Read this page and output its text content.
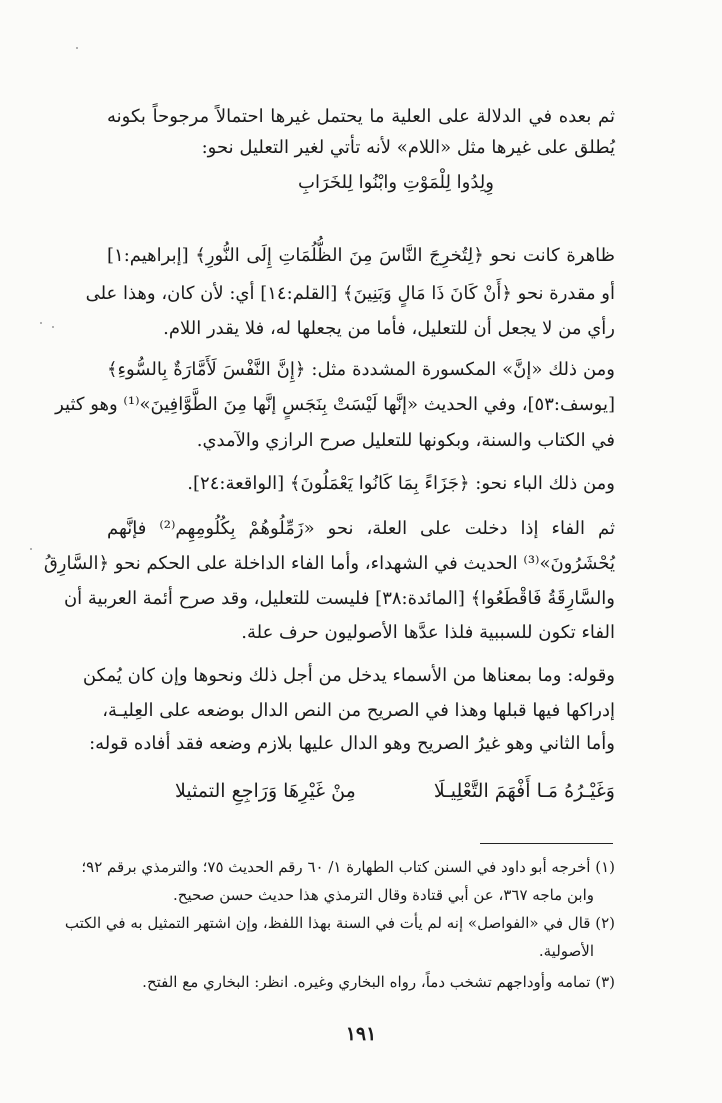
ثم بعده في الدلالة على العلية ما يحتمل غيرها احتمالاً مرجوحاً بكونه
يُطلق على غيرها مثل «اللام» لأنه تأتي لغير التعليل نحو:
وِلِدُوا لِلْمَوْتِ وابْنُوا لِلخَرَابِ
ظاهرة كانت نحو ﴿لِتُخرِجَ النَّاسَ مِنَ الظُّلُمَاتِ إِلَى النُّورِ﴾ [إبراهيم:١]
أو مقدرة نحو ﴿أَنْ كَانَ ذَا مَالٍ وَبَنِينَ﴾ [القلم:١٤] أي: لأن كان، وهذا على
رأي من لا يجعل أن للتعليل، فأما من يجعلها له، فلا يقدر اللام.
ومن ذلك «إنَّ» المكسورة المشددة مثل: ﴿إِنَّ النَّفْسَ لَأَمَّارَةٌ بِالسُّوءِ﴾
[يوسف:٥٣]، وفي الحديث «إنَّها لَيْسَتْ بِنَجَسٍ إنَّها مِنَ الطَّوَّافِينَ»⁽¹⁾ وهو كثير
في الكتاب والسنة، وبكونها للتعليل صرح الرازي والآمدي.
ومن ذلك الباء نحو: ﴿جَزَاءً بِمَا كَانُوا يَعْمَلُونَ﴾ [الواقعة:٢٤].
ثم الفاء إذا دخلت على العلة، نحو «زَمِّلُوهُمْ بِكُلُومِهِم⁽²⁾ فإنَّهم
يُحْشَرُونَ»⁽³⁾ الحديث في الشهداء، وأما الفاء الداخلة على الحكم نحو ﴿السَّارِقُ
والسَّارِقَةُ فَاقْطَعُوا﴾ [المائدة:٣٨] فليست للتعليل، وقد صرح أئمة العربية أن
الفاء تكون للسببية فلذا عدَّها الأصوليون حرف علة.
وقوله: وما بمعناها من الأسماء يدخل من أجل ذلك ونحوها وإن كان يُمكن
إدراكها فيها قبلها وهذا في الصريح من النص الدال بوضعه على العِليـة،
وأما الثاني وهو غيرُ الصريح وهو الدال عليها بلازم وضعه فقد أفاده قوله:
وَغَيْـرُهُ مَـا أَفْهَمَ التَّعْلِيـلَا
مِنْ غَيْرِهَا وَرَاجِعِ التمثيلا
(١) أخرجه أبو داود في السنن كتاب الطهارة ١/ ٦٠ رقم الحديث ٧٥؛ والترمذي برقم ٩٢؛
وابن ماجه ٣٦٧، عن أبي قتادة وقال الترمذي هذا حديث حسن صحيح.
(٢) قال في «الفواصل» إنه لم يأت في السنة بهذا اللفظ، وإن اشتهر التمثيل به في الكتب
الأصولية.
(٣) تمامه وأوداجهم تشخب دماً، رواه البخاري وغيره. انظر: البخاري مع الفتح.
١٩١
